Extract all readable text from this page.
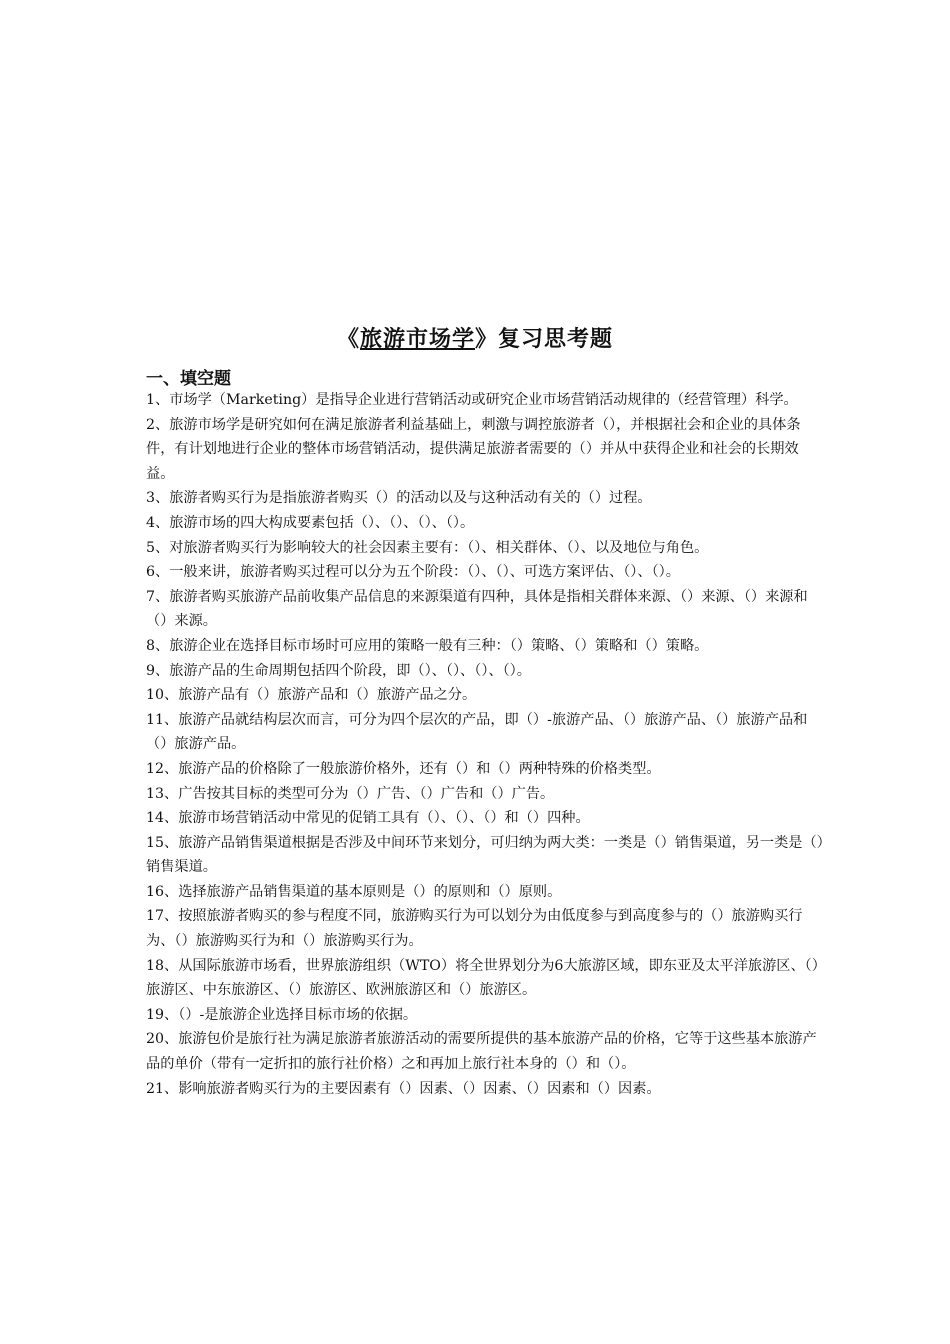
《旅游市场学》复习思考题
一、填空题

1、市场学（Marketing）是指导企业进行营销活动或研究企业市场营销活动规律的（经营管理）科学。

2、旅游市场学是研究如何在满足旅游者利益基础上，刺激与调控旅游者（），并根据社会和企业的具体条件，有计划地进行企业的整体市场营销活动，提供满足旅游者需要的（）并从中获得企业和社会的长期效益。

3、旅游者购买行为是指旅游者购买（）的活动以及与这种活动有关的（）过程。

4、旅游市场的四大构成要素包括（）、（）、（）、（）。

5、对旅游者购买行为影响较大的社会因素主要有：（）、相关群体、（）、以及地位与角色。

6、一般来讲，旅游者购买过程可以分为五个阶段：（）、（）、可选方案评估、（）、（）。

7、旅游者购买旅游产品前收集产品信息的来源渠道有四种，具体是指相关群体来源、（）来源、（）来源和（）来源。

8、旅游企业在选择目标市场时可应用的策略一般有三种：（）策略、（）策略和（）策略。

9、旅游产品的生命周期包括四个阶段，即（）、（）、（）、（）。

10、旅游产品有（）旅游产品和（）旅游产品之分。

11、旅游产品就结构层次而言，可分为四个层次的产品，即（）-旅游产品、（）旅游产品、（）旅游产品和（）旅游产品。

12、旅游产品的价格除了一般旅游价格外，还有（）和（）两种特殊的价格类型。

13、广告按其目标的类型可分为（）广告、（）广告和（）广告。

14、旅游市场营销活动中常见的促销工具有（）、（）、（）和（）四种。

15、旅游产品销售渠道根据是否涉及中间环节来划分，可归纳为两大类：一类是（）销售渠道，另一类是（）销售渠道。

16、选择旅游产品销售渠道的基本原则是（）的原则和（）原则。

17、按照旅游者购买的参与程度不同，旅游购买行为可以划分为由低度参与到高度参与的（）旅游购买行为、（）旅游购买行为和（）旅游购买行为。

18、从国际旅游市场看，世界旅游组织（WTO）将全世界划分为6大旅游区域，即东亚及太平洋旅游区、（）旅游区、中东旅游区、（）旅游区、欧洲旅游区和（）旅游区。

19、（）-是旅游企业选择目标市场的依据。

20、旅游包价是旅行社为满足旅游者旅游活动的需要所提供的基本旅游产品的价格，它等于这些基本旅游产品的单价（带有一定折扣的旅行社价格）之和再加上旅行社本身的（）和（）。

21、影响旅游者购买行为的主要因素有（）因素、（）因素、（）因素和（）因素。
